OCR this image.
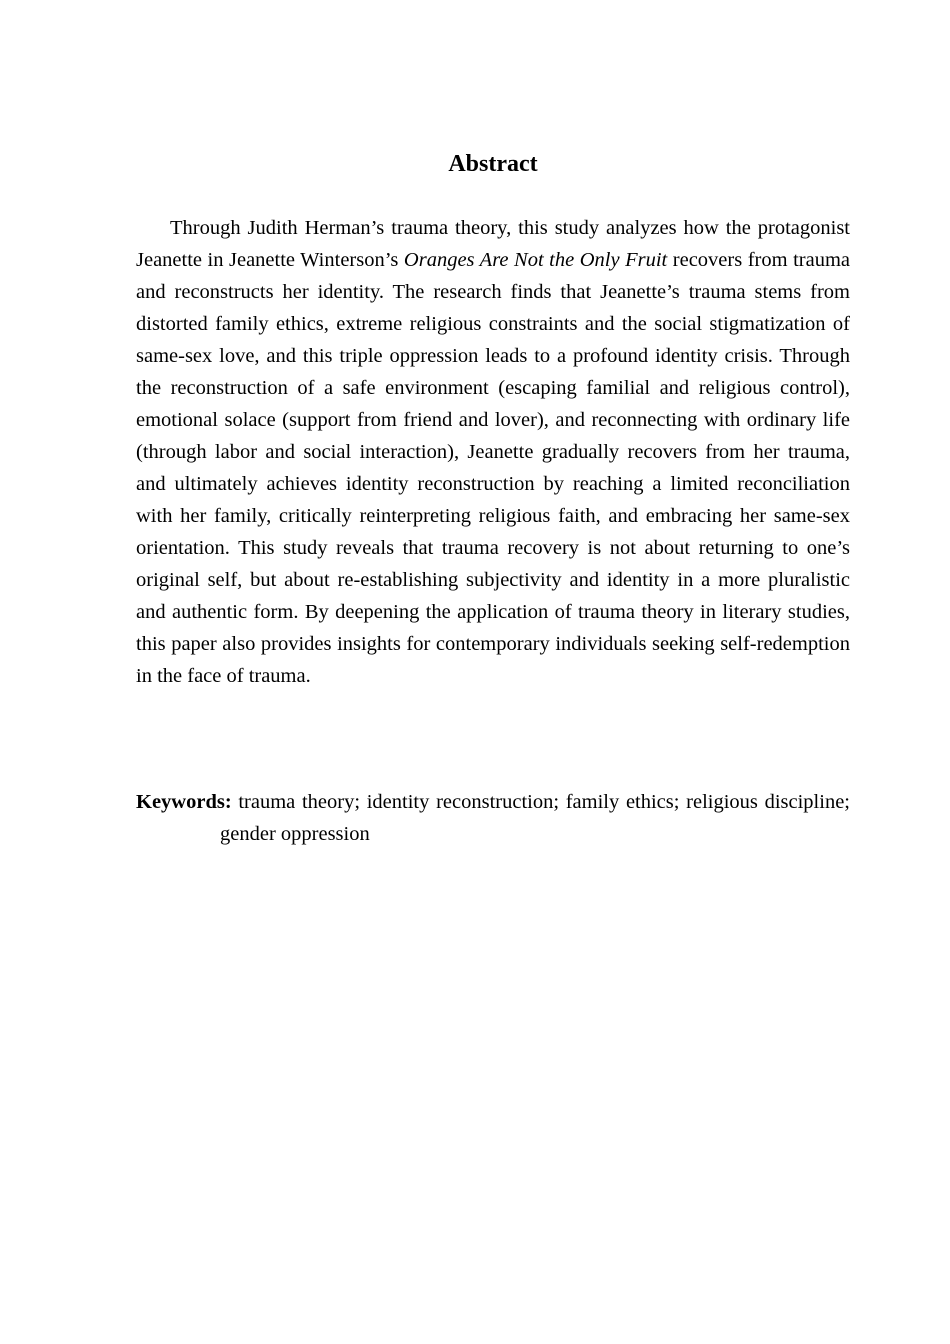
Abstract

Through Judith Herman’s trauma theory, this study analyzes how the protagonist Jeanette in Jeanette Winterson’s Oranges Are Not the Only Fruit recovers from trauma and reconstructs her identity. The research finds that Jeanette’s trauma stems from distorted family ethics, extreme religious constraints and the social stigmatization of same-sex love, and this triple oppression leads to a profound identity crisis. Through the reconstruction of a safe environment (escaping familial and religious control), emotional solace (support from friend and lover), and reconnecting with ordinary life (through labor and social interaction), Jeanette gradually recovers from her trauma, and ultimately achieves identity reconstruction by reaching a limited reconciliation with her family, critically reinterpreting religious faith, and embracing her same-sex orientation. This study reveals that trauma recovery is not about returning to one’s original self, but about re-establishing subjectivity and identity in a more pluralistic and authentic form. By deepening the application of trauma theory in literary studies, this paper also provides insights for contemporary individuals seeking self-redemption in the face of trauma.

Keywords: trauma theory; identity reconstruction; family ethics; religious discipline; gender oppression
